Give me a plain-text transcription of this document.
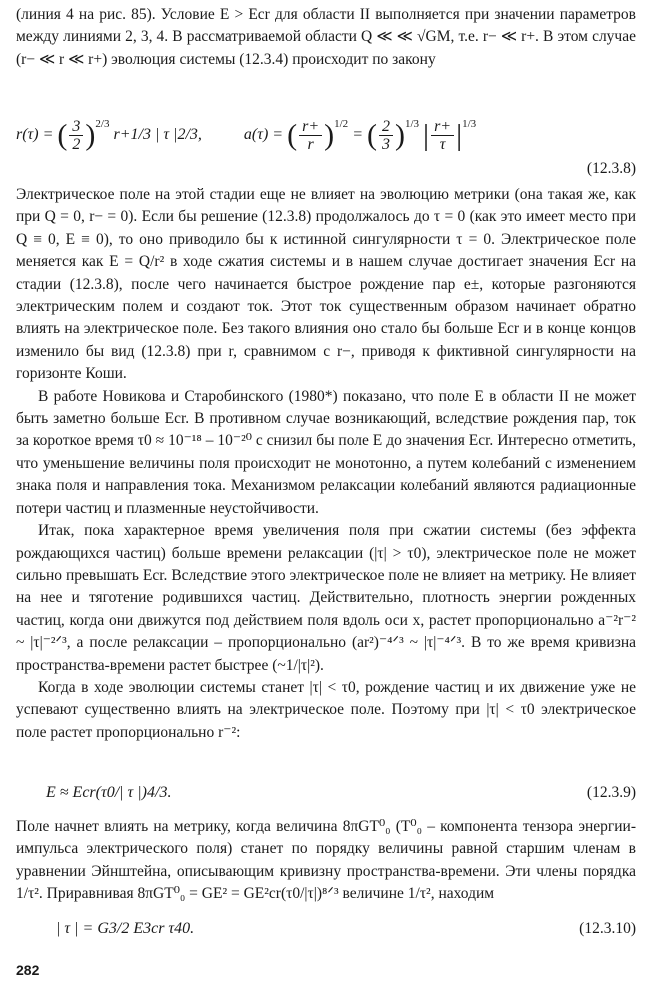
(линия 4 на рис. 85). Условие E > Ecr для области II выполняется при значении параметров между линиями 2, 3, 4. В рассматриваемой области Q ≪ ≪ √GM, т.е. r− ≪ r+. В этом случае (r− ≪ r ≪ r+) эволюция системы (12.3.4) происходит по закону

r(τ) = ( $\frac{3}{2} )^{2/3}$ r+1/3 | τ |2/3,	a(τ) = ( $\frac{r+}{r} )^{1/2}$ = ( $\frac{2}{3} )^{1/3}$ | $\frac{r+}{\tau} |^{1/3}$
(12.3.8)

Электрическое поле на этой стадии еще не влияет на эволюцию метрики (она такая же, как при Q = 0, r− = 0). Если бы решение (12.3.8) продолжалось до τ = 0 (как это имеет место при Q ≡ 0, E ≡ 0), то оно приводило бы к истинной сингулярности τ = 0. Электрическое поле меняется как E = Q/r² в ходе сжатия системы и в нашем случае достигает значения Ecr на стадии (12.3.8), после чего начинается быстрое рождение пар e±, которые разгоняются электрическим полем и создают ток. Этот ток существенным образом начинает обратно влиять на электрическое поле. Без такого влияния оно стало бы больше Ecr и в конце концов изменило бы вид (12.3.8) при r, сравнимом с r−, приводя к фиктивной сингулярности на горизонте Коши.

В работе Новикова и Старобинского (1980*) показано, что поле E в области II не может быть заметно больше Ecr. В противном случае возникающий, вследствие рождения пар, ток за короткое время τ0 ≈ 10⁻¹⁸ – 10⁻²⁰ c снизил бы поле E до значения Ecr. Интересно отметить, что уменьшение величины поля происходит не монотонно, а путем колебаний с изменением знака поля и направления тока. Механизмом релаксации колебаний являются радиационные потери частиц и плазменные неустойчивости.

Итак, пока характерное время увеличения поля при сжатии системы (без эффекта рождающихся частиц) больше времени релаксации (|τ| > τ0), электрическое поле не может сильно превышать Ecr. Вследствие этого электрическое поле не влияет на метрику. Не влияет на нее и тяготение родившихся частиц. Действительно, плотность энергии рожденных частиц, когда они движутся под действием поля вдоль оси x, растет пропорционально a⁻²r⁻² ~ |τ|⁻²ᐟ³, а после релаксации – пропорционально (ar²)⁻⁴ᐟ³ ~ |τ|⁻⁴ᐟ³. В то же время кривизна пространства-времени растет быстрее (~1/|τ|²).

Когда в ходе эволюции системы станет |τ| < τ0, рождение частиц и их движение уже не успевают существенно влиять на электрическое поле. Поэтому при |τ| < τ0 электрическое поле растет пропорционально r⁻²:

E ≈ Ecr(τ0/| τ |)4/3.	(12.3.9)

Поле начнет влиять на метрику, когда величина 8πGT⁰₀ (T⁰₀ – компонента тензора энергии-импульса электрического поля) станет по порядку величины равной старшим членам в уравнении Эйнштейна, описывающим кривизну пространства-времени. Эти члены порядка 1/τ². Приравнивая 8πGT⁰₀ = GE² = GE²cr(τ0/|τ|)⁸ᐟ³ величине 1/τ², находим

| τ | = G3/2 E3cr τ40.	(12.3.10)
282
